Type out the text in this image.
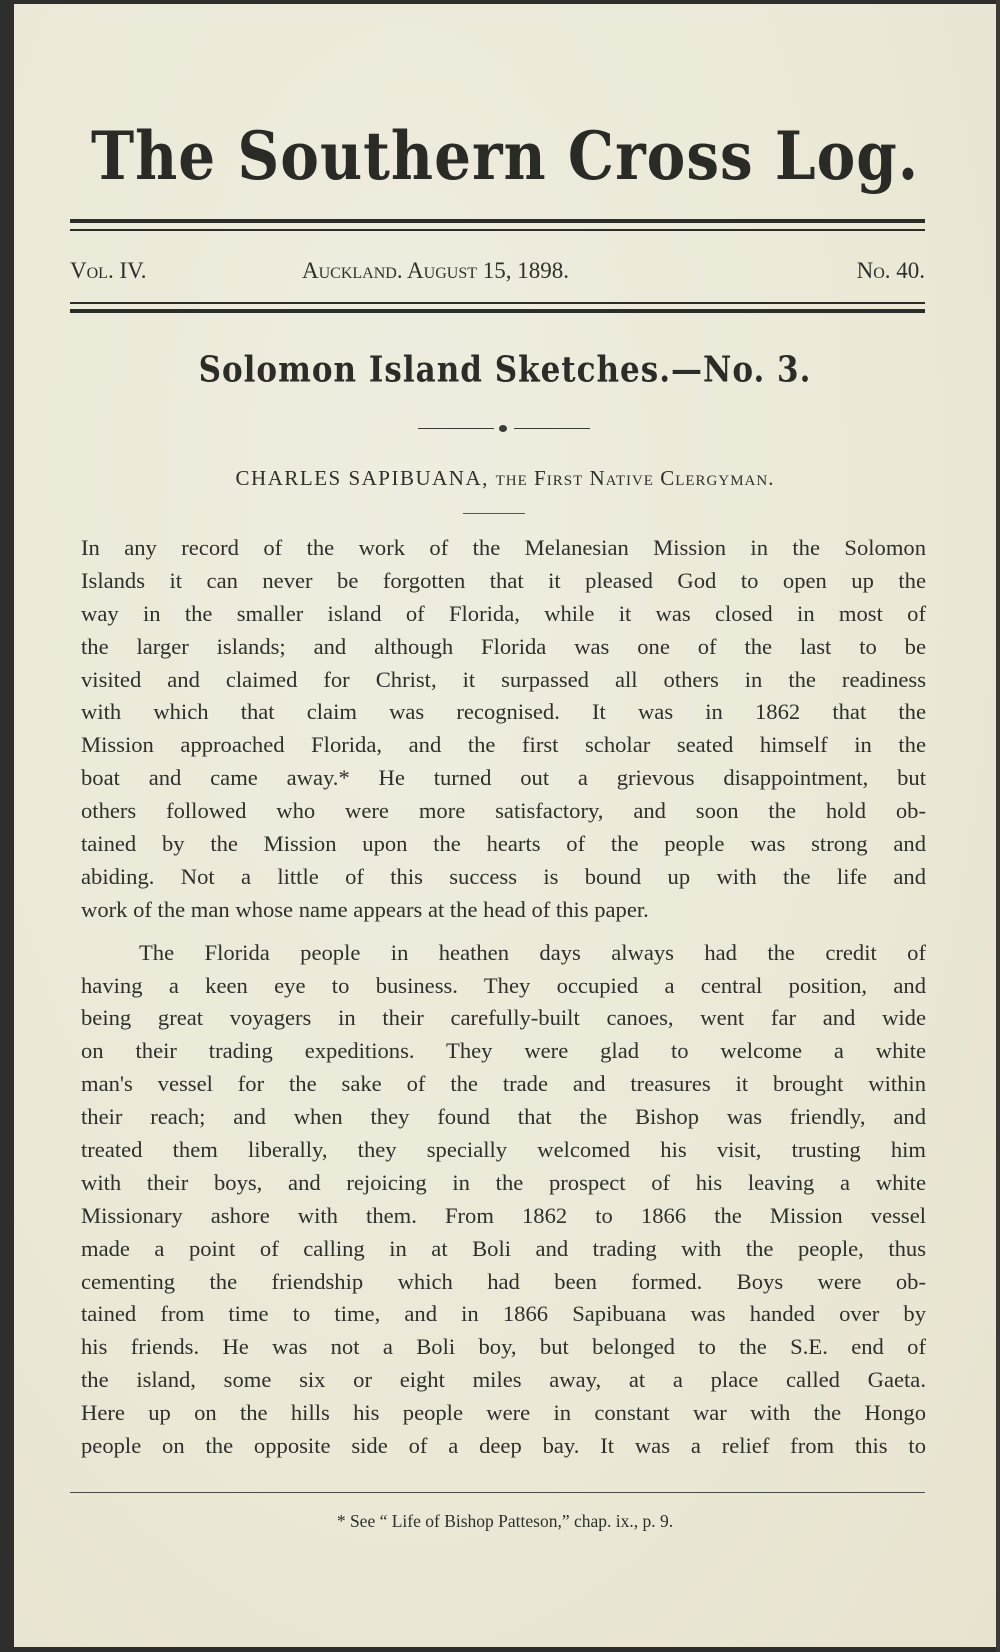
The Southern Cross Log.
Vol. IV.	Auckland. August 15, 1898.	No. 40.
Solomon Island Sketches.—No. 3.
CHARLES SAPIBUANA, the First Native Clergyman.
In any record of the work of the Melanesian Mission in the Solomon
Islands it can never be forgotten that it pleased God to open up the
way in the smaller island of Florida, while it was closed in most of
the larger islands; and although Florida was one of the last to be
visited and claimed for Christ, it surpassed all others in the readiness
with which that claim was recognised. It was in 1862 that the
Mission approached Florida, and the first scholar seated himself in the
boat and came away.* He turned out a grievous disappointment, but
others followed who were more satisfactory, and soon the hold ob-
tained by the Mission upon the hearts of the people was strong and
abiding. Not a little of this success is bound up with the life and
work of the man whose name appears at the head of this paper.
The Florida people in heathen days always had the credit of
having a keen eye to business. They occupied a central position, and
being great voyagers in their carefully-built canoes, went far and wide
on their trading expeditions. They were glad to welcome a white
man's vessel for the sake of the trade and treasures it brought within
their reach; and when they found that the Bishop was friendly, and
treated them liberally, they specially welcomed his visit, trusting him
with their boys, and rejoicing in the prospect of his leaving a white
Missionary ashore with them. From 1862 to 1866 the Mission vessel
made a point of calling in at Boli and trading with the people, thus
cementing the friendship which had been formed. Boys were ob-
tained from time to time, and in 1866 Sapibuana was handed over by
his friends. He was not a Boli boy, but belonged to the S.E. end of
the island, some six or eight miles away, at a place called Gaeta.
Here up on the hills his people were in constant war with the Hongo
people on the opposite side of a deep bay. It was a relief from this to
* See “ Life of Bishop Patteson,” chap. ix., p. 9.
